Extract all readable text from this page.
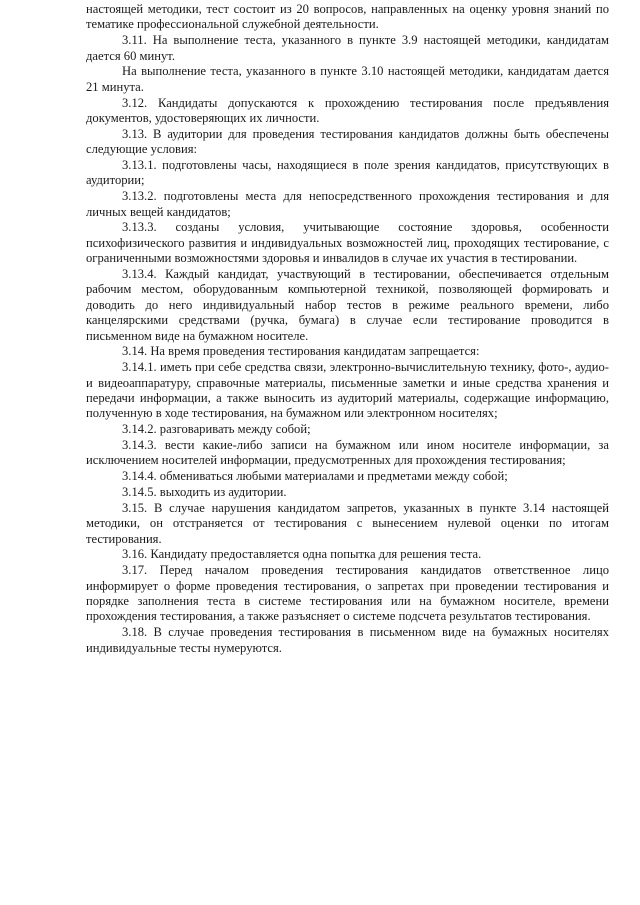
настоящей методики, тест состоит из 20 вопросов, направленных на оценку уровня знаний по тематике профессиональной служебной деятельности.

3.11. На выполнение теста, указанного в пункте 3.9 настоящей методики, кандидатам дается 60 минут.

На выполнение теста, указанного в пункте 3.10 настоящей методики, кандидатам дается 21 минута.

3.12. Кандидаты допускаются к прохождению тестирования после предъявления документов, удостоверяющих их личности.

3.13. В аудитории для проведения тестирования кандидатов должны быть обеспечены следующие условия:

3.13.1. подготовлены часы, находящиеся в поле зрения кандидатов, присутствующих в аудитории;

3.13.2. подготовлены места для непосредственного прохождения тестирования и для личных вещей кандидатов;

3.13.3. созданы условия, учитывающие состояние здоровья, особенности психофизического развития и индивидуальных возможностей лиц, проходящих тестирование, с ограниченными возможностями здоровья и инвалидов в случае их участия в тестировании.

3.13.4. Каждый кандидат, участвующий в тестировании, обеспечивается отдельным рабочим местом, оборудованным компьютерной техникой, позволяющей формировать и доводить до него индивидуальный набор тестов в режиме реального времени, либо канцелярскими средствами (ручка, бумага) в случае если тестирование проводится в письменном виде на бумажном носителе.

3.14. На время проведения тестирования кандидатам запрещается:

3.14.1. иметь при себе средства связи, электронно-вычислительную технику, фото-, аудио- и видеоаппаратуру, справочные материалы, письменные заметки и иные средства хранения и передачи информации, а также выносить из аудиторий материалы, содержащие информацию, полученную в ходе тестирования, на бумажном или электронном носителях;

3.14.2. разговаривать между собой;

3.14.3. вести какие-либо записи на бумажном или ином носителе информации, за исключением носителей информации, предусмотренных для прохождения тестирования;

3.14.4. обмениваться любыми материалами и предметами между собой;

3.14.5. выходить из аудитории.

3.15. В случае нарушения кандидатом запретов, указанных в пункте 3.14 настоящей методики, он отстраняется от тестирования с вынесением нулевой оценки по итогам тестирования.

3.16. Кандидату предоставляется одна попытка для решения теста.

3.17. Перед началом проведения тестирования кандидатов ответственное лицо информирует о форме проведения тестирования, о запретах при проведении тестирования и порядке заполнения теста в системе тестирования или на бумажном носителе, времени прохождения тестирования, а также разъясняет о системе подсчета результатов тестирования.

3.18. В случае проведения тестирования в письменном виде на бумажных носителях индивидуальные тесты нумеруются.
